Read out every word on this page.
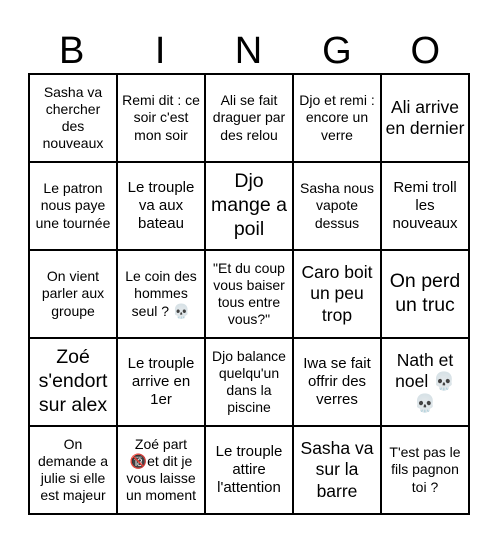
B	I	N	G	O
Sasha va chercher des nouveaux
Remi dit : ce soir c'est mon soir
Ali se fait draguer par des relou
Djo et remi : encore un verre
Ali arrive en dernier
Le patron nous paye une tournée
Le trouple va aux bateau
Djo mange a poil
Sasha nous vapote dessus
Remi troll les nouveaux
On vient parler aux groupe
Le coin des hommes seul ? 💀
"Et du coup vous baiser tous entre vous?"
Caro boit un peu trop
On perd un truc
Zoé s'endort sur alex
Le trouple arrive en 1er
Djo balance quelqu'un dans la piscine
Iwa se fait offrir des verres
Nath et noel 💀 💀
On demande a julie si elle est majeur
Zoé part 🔞et dit je vous laisse un moment
Le trouple attire l'attention
Sasha va sur la barre
T'est pas le fils pagnon toi ?
